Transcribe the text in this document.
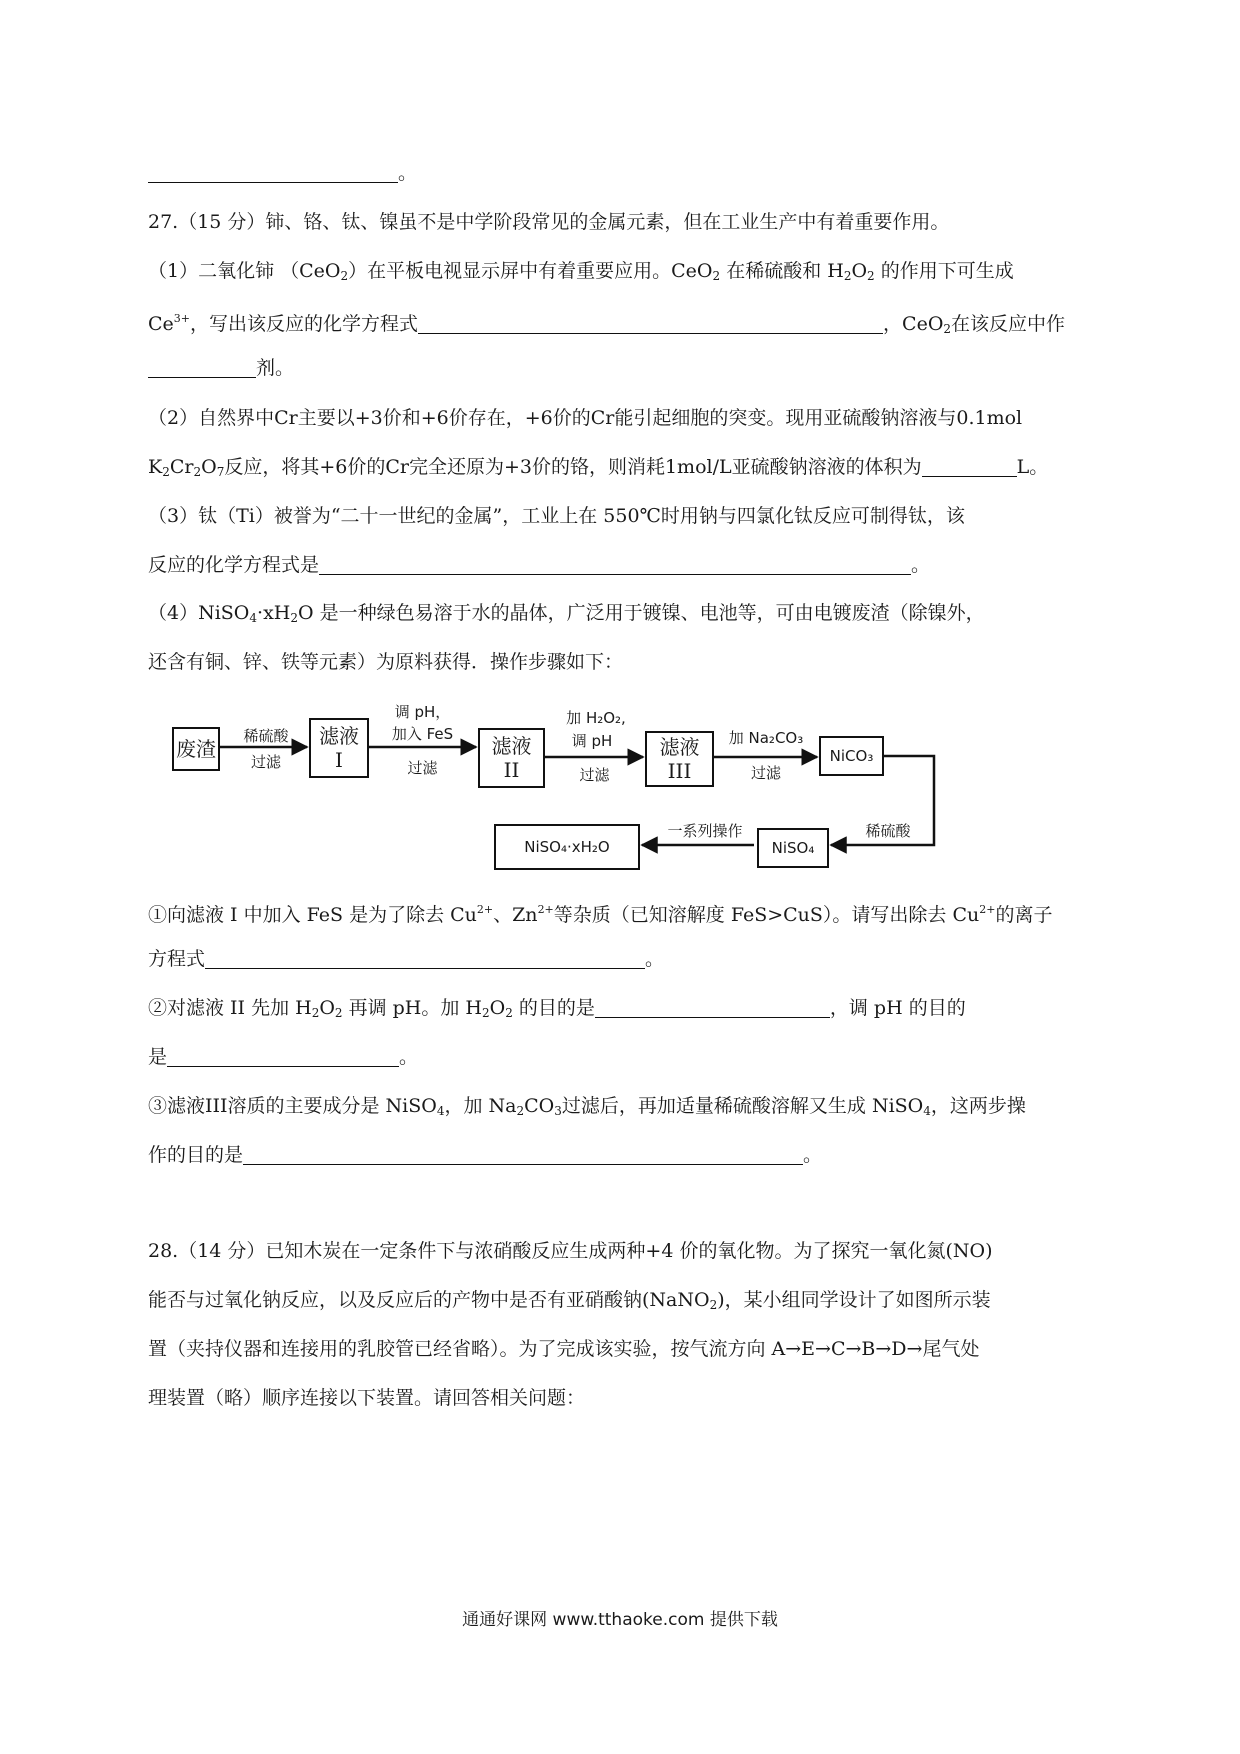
。
27.（15 分）铈、铬、钛、镍虽不是中学阶段常见的金属元素，但在工业生产中有着重要作用。
（1）二氧化铈 （CeO$_2$）在平板电视显示屏中有着重要应用。CeO$_2$ 在稀硫酸和 $H_2O_2$ 的作用下可生成
$Ce^{3+}$，写出该反应的化学方程式	，CeO$_2$在该反应中作
剂。
（2）自然界中Cr主要以+3价和+6价存在，+6价的Cr能引起细胞的突变。现用亚硫酸钠溶液与0.1mol
$K_2Cr_2O_7$反应，将其+6价的Cr完全还原为+3价的铬，则消耗1mol/L亚硫酸钠溶液的体积为	L。
（3）钛（Ti）被誉为“二十一世纪的金属”，工业上在 550℃时用钠与四氯化钛反应可制得钛，该
反应的化学方程式是	。
$(4)NiSO_4\cdot xH_2O$ 是一种绿色易溶于水的晶体，广泛用于镀镍、电池等，可由电镀废渣（除镍外，
还含有铜、锌、铁等元素）为原料获得．操作步骤如下：
废渣
滤液
I
滤液
II
滤液
III
NiCO₃
NiSO₄
NiSO₄·xH₂O
稀硫酸
过滤
调 pH，
加入 FeS
过滤
加 H₂O₂,
调 pH
过滤
加 Na₂CO₃
过滤
稀硫酸
一系列操作
①向滤液 I 中加入 FeS 是为了除去 $Cu^{2+}$、$Zn^{2+}$等杂质（已知溶解度 FeS>CuS）。请写出除去 $Cu^{2+}$的离子
方程式	。
②对滤液 II 先加 $H_2O_2$ 再调 pH。加 $H_2O_2$ 的目的是	，调 pH 的目的
是	。
③滤液III溶质的主要成分是 NiSO$_4$，加 $Na_2CO_3$过滤后，再加适量稀硫酸溶解又生成 NiSO$_4$，这两步操
作的目的是	。
28.（14 分）已知木炭在一定条件下与浓硝酸反应生成两种+4 价的氧化物。为了探究一氧化氮(NO)
能否与过氧化钠反应，以及反应后的产物中是否有亚硝酸钠(NaNO$_2$)，某小组同学设计了如图所示装
置（夹持仪器和连接用的乳胶管已经省略）。为了完成该实验，按气流方向 A→E→C→B→D→尾气处
理装置（略）顺序连接以下装置。请回答相关问题：
通通好课网 www.tthaoke.com 提供下载
